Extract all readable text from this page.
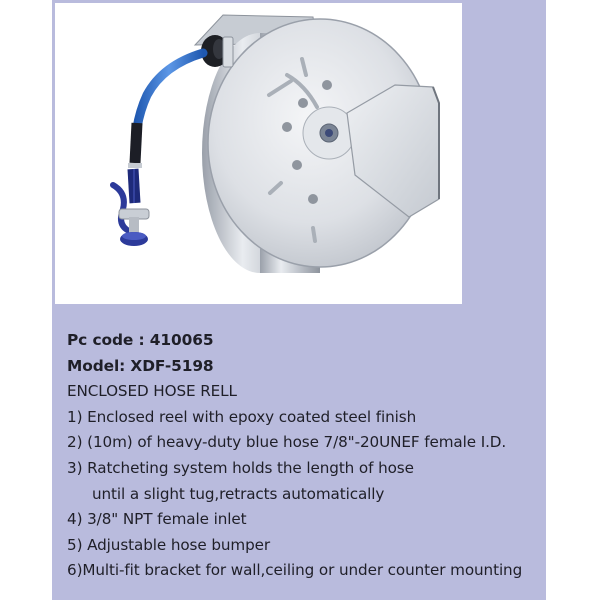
Pc code : 410065
Model: XDF-5198
ENCLOSED HOSE RELL
1) Enclosed reel with epoxy coated steel finish
2) (10m) of heavy-duty blue hose 7/8"-20UNEF female I.D.
3) Ratcheting system holds the length of hose
until a slight tug,retracts automatically
4) 3/8" NPT female inlet
5) Adjustable hose bumper
6)Multi-fit bracket for wall,ceiling or under counter mounting
